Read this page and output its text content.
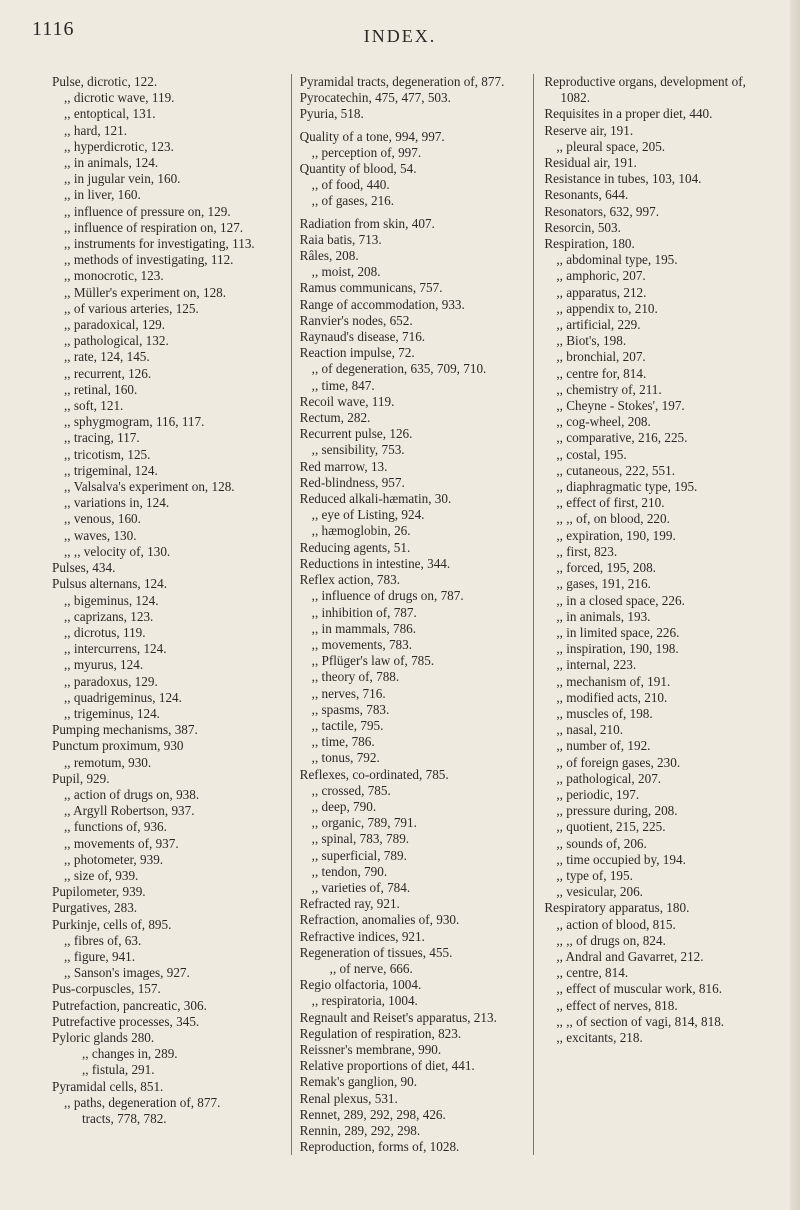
1116	INDEX.
Pulse, dicrotic, 122.
,, dicrotic wave, 119.
,, entoptical, 131.
,, hard, 121.
,, hyperdicrotic, 123.
,, in animals, 124.
,, in jugular vein, 160.
,, in liver, 160.
,, influence of pressure on, 129.
,, influence of respiration on, 127.
,, instruments for investigating, 113.
,, methods of investigating, 112.
,, monocrotic, 123.
,, Müller's experiment on, 128.
,, of various arteries, 125.
,, paradoxical, 129.
,, pathological, 132.
,, rate, 124, 145.
,, recurrent, 126.
,, retinal, 160.
,, soft, 121.
,, sphygmogram, 116, 117.
,, tracing, 117.
,, tricotism, 125.
,, trigeminal, 124.
,, Valsalva's experiment on, 128.
,, variations in, 124.
,, venous, 160.
,, waves, 130.
,, ,, velocity of, 130.
Pulses, 434.
Pulsus alternans, 124.
,, bigeminus, 124.
,, caprizans, 123.
,, dicrotus, 119.
,, intercurrens, 124.
,, myurus, 124.
,, paradoxus, 129.
,, quadrigeminus, 124.
,, trigeminus, 124.
Pumping mechanisms, 387.
Punctum proximum, 930
,, remotum, 930.
Pupil, 929.
,, action of drugs on, 938.
,, Argyll Robertson, 937.
,, functions of, 936.
,, movements of, 937.
,, photometer, 939.
,, size of, 939.
Pupilometer, 939.
Purgatives, 283.
Purkinje, cells of, 895.
,, fibres of, 63.
,, figure, 941.
,, Sanson's images, 927.
Pus-corpuscles, 157.
Putrefaction, pancreatic, 306.
Putrefactive processes, 345.
Pyloric glands 280.
,, changes in, 289.
,, fistula, 291.
Pyramidal cells, 851.
,, paths, degeneration of, 877.
tracts, 778, 782.
Pyramidal tracts, degeneration of, 877.
Pyrocatechin, 475, 477, 503.
Pyuria, 518.
Quality of a tone, 994, 997.
,, perception of, 997.
Quantity of blood, 54.
,, of food, 440.
,, of gases, 216.
Radiation from skin, 407.
Raia batis, 713.
Râles, 208.
,, moist, 208.
Ramus communicans, 757.
Range of accommodation, 933.
Ranvier's nodes, 652.
Raynaud's disease, 716.
Reaction impulse, 72.
,, of degeneration, 635, 709, 710.
,, time, 847.
Recoil wave, 119.
Rectum, 282.
Recurrent pulse, 126.
,, sensibility, 753.
Red marrow, 13.
Red-blindness, 957.
Reduced alkali-hæmatin, 30.
,, eye of Listing, 924.
,, hæmoglobin, 26.
Reducing agents, 51.
Reductions in intestine, 344.
Reflex action, 783.
,, influence of drugs on, 787.
,, inhibition of, 787.
,, in mammals, 786.
,, movements, 783.
,, Pflüger's law of, 785.
,, theory of, 788.
,, nerves, 716.
,, spasms, 783.
,, tactile, 795.
,, time, 786.
,, tonus, 792.
Reflexes, co-ordinated, 785.
,, crossed, 785.
,, deep, 790.
,, organic, 789, 791.
,, spinal, 783, 789.
,, superficial, 789.
,, tendon, 790.
,, varieties of, 784.
Refracted ray, 921.
Refraction, anomalies of, 930.
Refractive indices, 921.
Regeneration of tissues, 455.
,, of nerve, 666.
Regio olfactoria, 1004.
,, respiratoria, 1004.
Regnault and Reiset's apparatus, 213.
Regulation of respiration, 823.
Reissner's membrane, 990.
Relative proportions of diet, 441.
Remak's ganglion, 90.
Renal plexus, 531.
Rennet, 289, 292, 298, 426.
Rennin, 289, 292, 298.
Reproduction, forms of, 1028.
Reproductive organs, development of, 1082.
Requisites in a proper diet, 440.
Reserve air, 191.
,, pleural space, 205.
Residual air, 191.
Resistance in tubes, 103, 104.
Resonants, 644.
Resonators, 632, 997.
Resorcin, 503.
Respiration, 180.
,, abdominal type, 195.
,, amphoric, 207.
,, apparatus, 212.
,, appendix to, 210.
,, artificial, 229.
,, Biot's, 198.
,, bronchial, 207.
,, centre for, 814.
,, chemistry of, 211.
,, Cheyne - Stokes', 197.
,, cog-wheel, 208.
,, comparative, 216, 225.
,, costal, 195.
,, cutaneous, 222, 551.
,, diaphragmatic type, 195.
,, effect of first, 210.
,, ,, of, on blood, 220.
,, expiration, 190, 199.
,, first, 823.
,, forced, 195, 208.
,, gases, 191, 216.
,, in a closed space, 226.
,, in animals, 193.
,, in limited space, 226.
,, inspiration, 190, 198.
,, internal, 223.
,, mechanism of, 191.
,, modified acts, 210.
,, muscles of, 198.
,, nasal, 210.
,, number of, 192.
,, of foreign gases, 230.
,, pathological, 207.
,, periodic, 197.
,, pressure during, 208.
,, quotient, 215, 225.
,, sounds of, 206.
,, time occupied by, 194.
,, type of, 195.
,, vesicular, 206.
Respiratory apparatus, 180.
,, action of blood, 815.
,, ,, of drugs on, 824.
,, Andral and Gavarret, 212.
,, centre, 814.
,, effect of muscular work, 816.
,, effect of nerves, 818.
,, ,, of section of vagi, 814, 818.
,, excitants, 218.
